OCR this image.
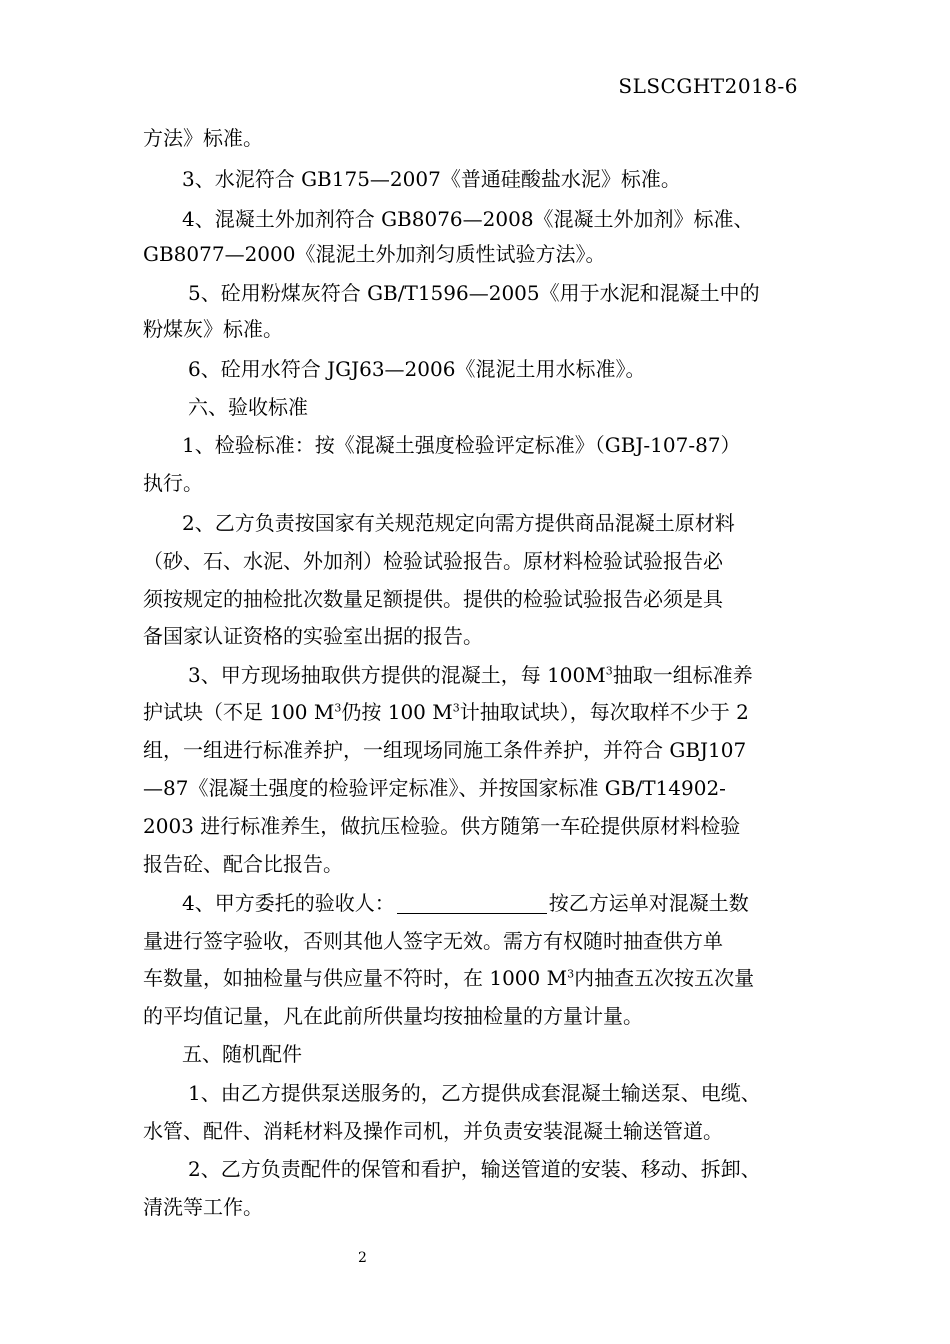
SLSCGHT2018-6
方法》标准。
3、水泥符合 GB175—2007《普通硅酸盐水泥》标准。
4、混凝土外加剂符合 GB8076—2008《混凝土外加剂》标准、
GB8077—2000《混泥土外加剂匀质性试验方法》。
5、砼用粉煤灰符合 GB/T1596—2005《用于水泥和混凝土中的
粉煤灰》标准。
6、砼用水符合 JGJ63—2006《混泥土用水标准》。
六、验收标准
1、检验标准：按《混凝土强度检验评定标准》（GBJ-107-87）
执行。
2、乙方负责按国家有关规范规定向需方提供商品混凝土原材料
（砂、石、水泥、外加剂）检验试验报告。原材料检验试验报告必
须按规定的抽检批次数量足额提供。提供的检验试验报告必须是具
备国家认证资格的实验室出据的报告。
3、甲方现场抽取供方提供的混凝土，每 $100M^3$抽取一组标准养
护试块（不足 100 $M^3$仍按 100 $M^3$计抽取试块），每次取样不少于 2
组，一组进行标准养护，一组现场同施工条件养护，并符合 GBJ107
—87《混凝土强度的检验评定标准》、并按国家标准 GB/T14902-
2003 进行标准养生，做抗压检验。供方随第一车砼提供原材料检验
报告砼、配合比报告。
4、甲方委托的验收人：	按乙方运单对混凝土数
量进行签字验收，否则其他人签字无效。需方有权随时抽查供方单
车数量，如抽检量与供应量不符时，在 1000 $M^3$内抽查五次按五次量
的平均值记量，凡在此前所供量均按抽检量的方量计量。
五、随机配件
1、由乙方提供泵送服务的，乙方提供成套混凝土输送泵、电缆、
水管、配件、消耗材料及操作司机，并负责安装混凝土输送管道。
2、乙方负责配件的保管和看护，输送管道的安装、移动、拆卸、
清洗等工作。
2
